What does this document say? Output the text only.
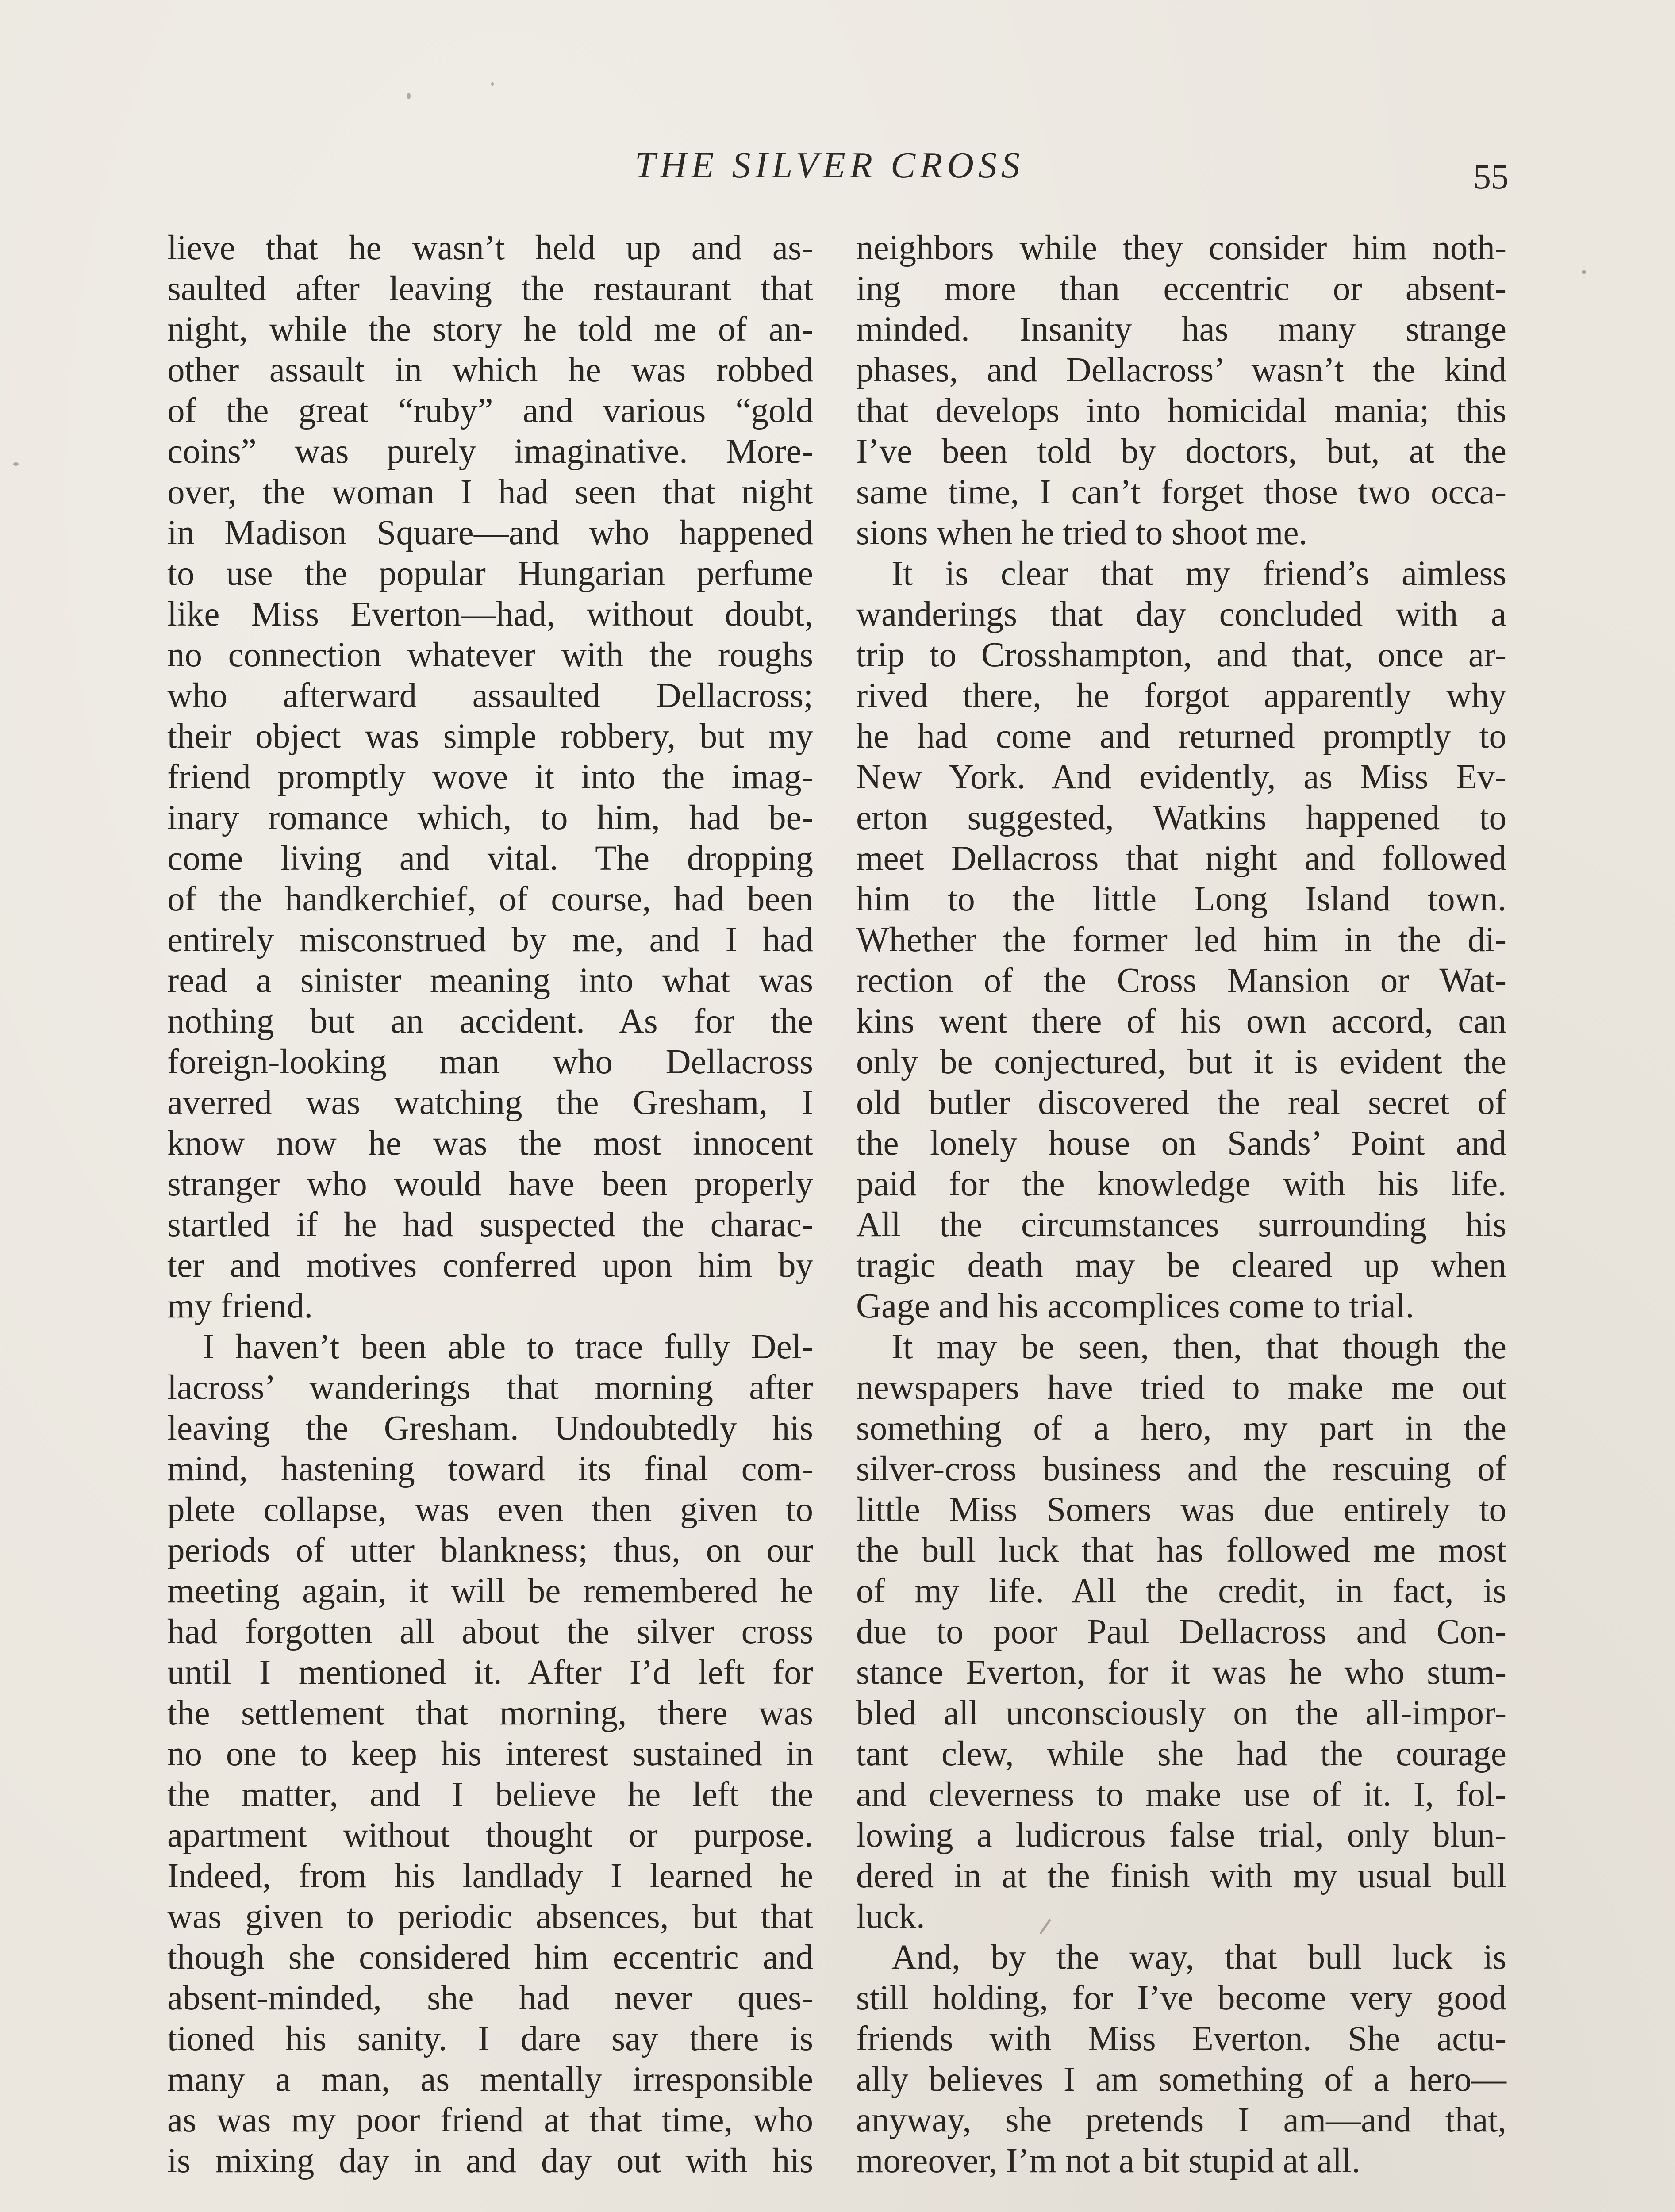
THE SILVER CROSS	55
lieve that he wasn’t held up and as-
saulted after leaving the restaurant that
night, while the story he told me of an-
other assault in which he was robbed
of the great “ruby” and various “gold
coins” was purely imaginative. More-
over, the woman I had seen that night
in Madison Square—and who happened
to use the popular Hungarian perfume
like Miss Everton—had, without doubt,
no connection whatever with the roughs
who afterward assaulted Dellacross;
their object was simple robbery, but my
friend promptly wove it into the imag-
inary romance which, to him, had be-
come living and vital. The dropping
of the handkerchief, of course, had been
entirely misconstrued by me, and I had
read a sinister meaning into what was
nothing but an accident. As for the
foreign-looking man who Dellacross
averred was watching the Gresham, I
know now he was the most innocent
stranger who would have been properly
startled if he had suspected the charac-
ter and motives conferred upon him by
my friend.
I haven’t been able to trace fully Del-
lacross’ wanderings that morning after
leaving the Gresham. Undoubtedly his
mind, hastening toward its final com-
plete collapse, was even then given to
periods of utter blankness; thus, on our
meeting again, it will be remembered he
had forgotten all about the silver cross
until I mentioned it. After I’d left for
the settlement that morning, there was
no one to keep his interest sustained in
the matter, and I believe he left the
apartment without thought or purpose.
Indeed, from his landlady I learned he
was given to periodic absences, but that
though she considered him eccentric and
absent-minded, she had never ques-
tioned his sanity. I dare say there is
many a man, as mentally irresponsible
as was my poor friend at that time, who
is mixing day in and day out with his
neighbors while they consider him noth-
ing more than eccentric or absent-
minded. Insanity has many strange
phases, and Dellacross’ wasn’t the kind
that develops into homicidal mania; this
I’ve been told by doctors, but, at the
same time, I can’t forget those two occa-
sions when he tried to shoot me.
It is clear that my friend’s aimless
wanderings that day concluded with a
trip to Crosshampton, and that, once ar-
rived there, he forgot apparently why
he had come and returned promptly to
New York. And evidently, as Miss Ev-
erton suggested, Watkins happened to
meet Dellacross that night and followed
him to the little Long Island town.
Whether the former led him in the di-
rection of the Cross Mansion or Wat-
kins went there of his own accord, can
only be conjectured, but it is evident the
old butler discovered the real secret of
the lonely house on Sands’ Point and
paid for the knowledge with his life.
All the circumstances surrounding his
tragic death may be cleared up when
Gage and his accomplices come to trial.
It may be seen, then, that though the
newspapers have tried to make me out
something of a hero, my part in the
silver-cross business and the rescuing of
little Miss Somers was due entirely to
the bull luck that has followed me most
of my life. All the credit, in fact, is
due to poor Paul Dellacross and Con-
stance Everton, for it was he who stum-
bled all unconsciously on the all-impor-
tant clew, while she had the courage
and cleverness to make use of it. I, fol-
lowing a ludicrous false trial, only blun-
dered in at the finish with my usual bull
luck.
And, by the way, that bull luck is
still holding, for I’ve become very good
friends with Miss Everton. She actu-
ally believes I am something of a hero—
anyway, she pretends I am—and that,
moreover, I’m not a bit stupid at all.
